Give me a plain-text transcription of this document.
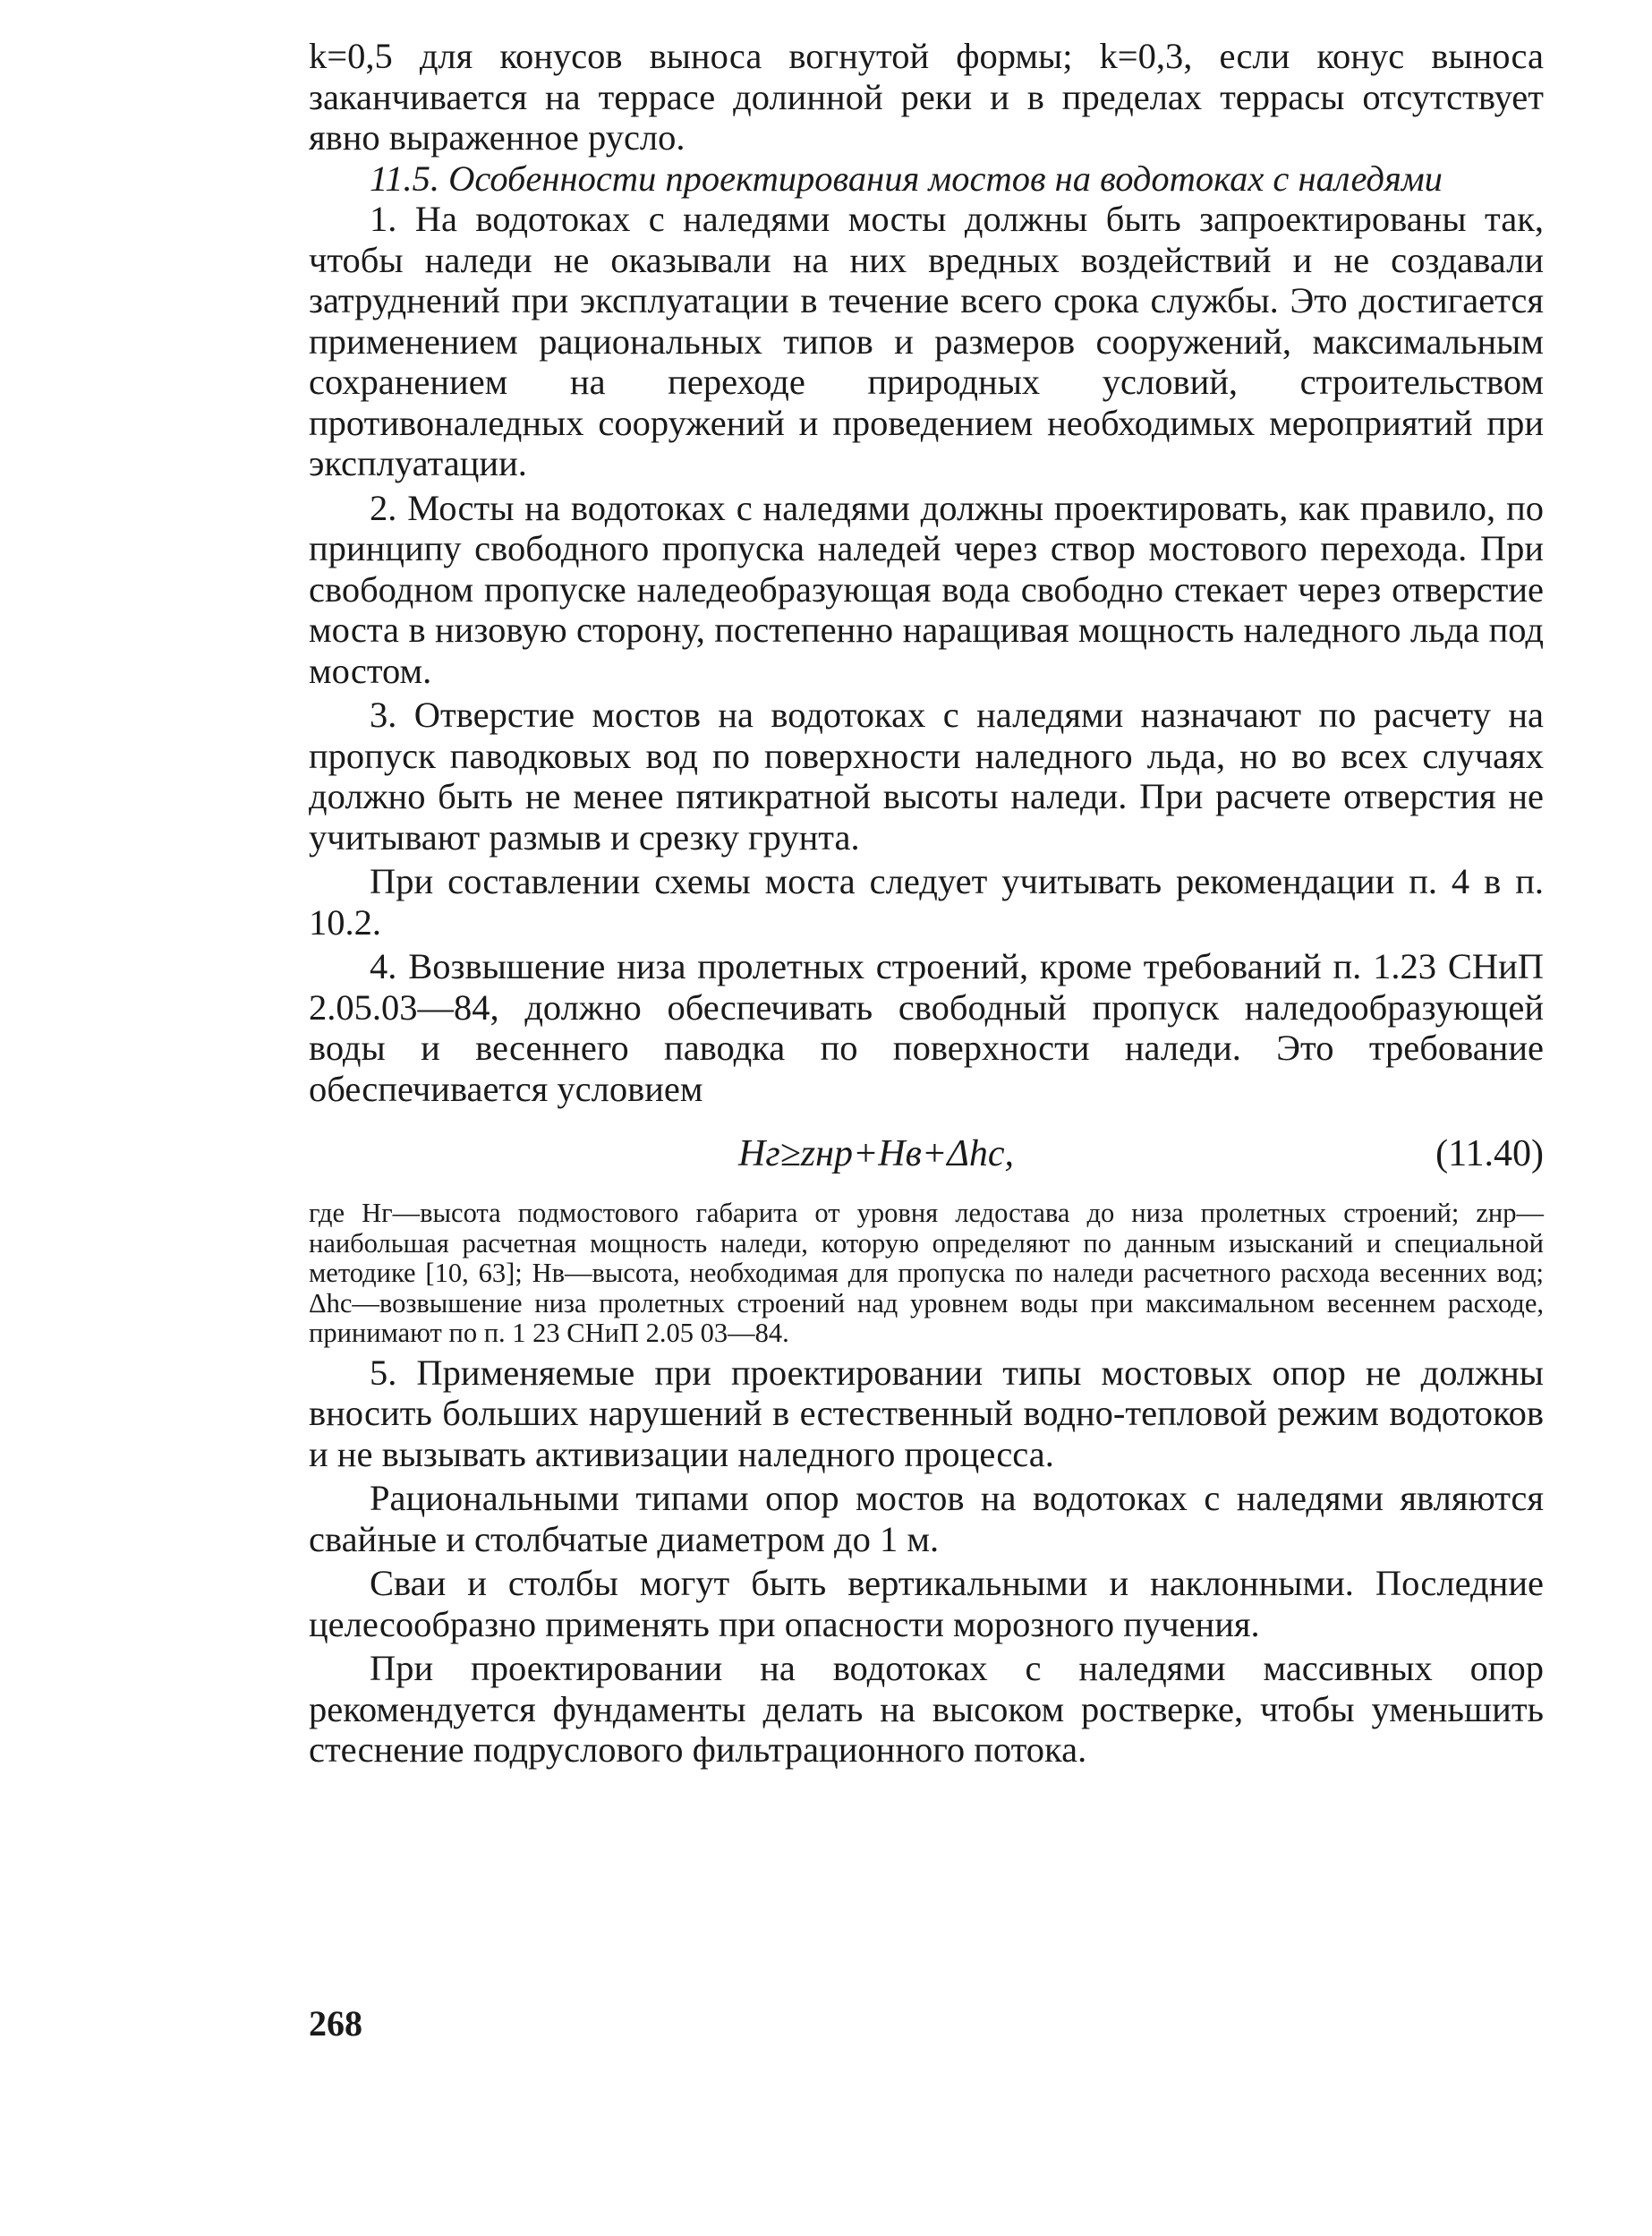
k=0,5 для конусов выноса вогнутой формы; k=0,3, если конус выноса заканчивается на террасе долинной реки и в пределах террасы отсутствует явно выраженное русло.

11.5. Особенности проектирования мостов на водотоках с наледями

1. На водотоках с наледями мосты должны быть запроектированы так, чтобы наледи не оказывали на них вредных воздействий и не создавали затруднений при эксплуатации в течение всего срока службы. Это достигается применением рациональных типов и размеров сооружений, максимальным сохранением на переходе природных условий, строительством противоналедных сооружений и проведением необходимых мероприятий при эксплуатации.

2. Мосты на водотоках с наледями должны проектировать, как правило, по принципу свободного пропуска наледей через створ мостового перехода. При свободном пропуске наледеобразующая вода свободно стекает через отверстие моста в низовую сторону, постепенно наращивая мощность наледного льда под мостом.

3. Отверстие мостов на водотоках с наледями назначают по расчету на пропуск паводковых вод по поверхности наледного льда, но во всех случаях должно быть не менее пятикратной высоты наледи. При расчете отверстия не учитывают размыв и срезку грунта.

При составлении схемы моста следует учитывать рекомендации п. 4 в п. 10.2.

4. Возвышение низа пролетных строений, кроме требований п. 1.23 СНиП 2.05.03—84, должно обеспечивать свободный пропуск наледообразующей воды и весеннего паводка по поверхности наледи. Это требование обеспечивается условием

Hг≥zнр+Hв+Δhc,	(11.40)

где Hг—высота подмостового габарита от уровня ледостава до низа пролетных строений; zнр—наибольшая расчетная мощность наледи, которую определяют по данным изысканий и специальной методике [10, 63]; Hв—высота, необходимая для пропуска по наледи расчетного расхода весенних вод; Δhc—возвышение низа пролетных строений над уровнем воды при максимальном весеннем расходе, принимают по п. 1 23 СНиП 2.05 03—84.

5. Применяемые при проектировании типы мостовых опор не должны вносить больших нарушений в естественный водно-тепловой режим водотоков и не вызывать активизации наледного процесса.

Рациональными типами опор мостов на водотоках с наледями являются свайные и столбчатые диаметром до 1 м.

Сваи и столбы могут быть вертикальными и наклонными. Последние целесообразно применять при опасности морозного пучения.

При проектировании на водотоках с наледями массивных опор рекомендуется фундаменты делать на высоком ростверке, чтобы уменьшить стеснение подруслового фильтрационного потока.

268
